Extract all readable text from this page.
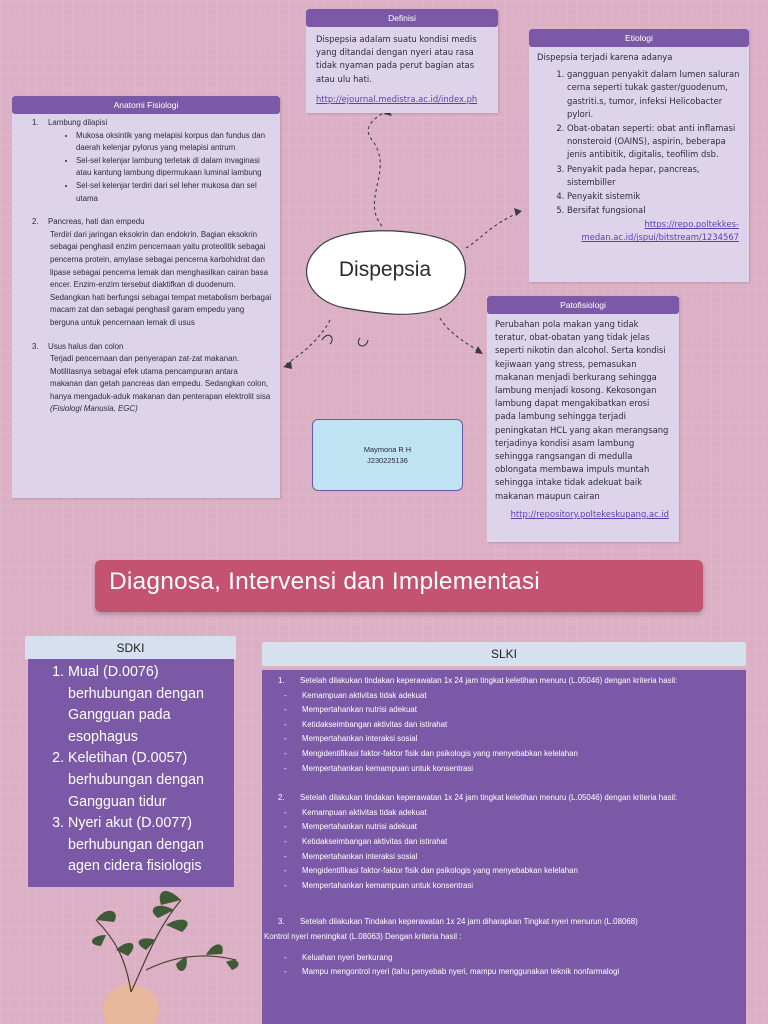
Dispepsia
Definisi
Dispepsia adalam suatu kondisi medis yang ditandai dengan nyeri atau rasa tidak nyaman pada perut bagian atas atau ulu hati.
http://ejournal.medistra.ac.id/index.ph
Etiologi
Dispepsia terjadi karena adanya
1. gangguan penyakit dalam lumen saluran cerna seperti tukak gaster/guodenum, gastriti.s, tumor, infeksi Helicobacter pylori.
2. Obat-obatan seperti: obat anti inflamasi nonsteroid (OAINS), aspirin, beberapa jenis antibitik, digitalis, teofilim dsb.
3. Penyakit pada hepar, pancreas, sistembiller
4. Penyakit sistemik
5. Bersifat fungsional
https://repo.poltekkes-
medan.ac.id/jspui/bitstream/1234567
Anatomi Fisiologi
1. Lambung dilapisi
• Mukosa oksintik yang melapisi korpus dan fundus dan daerah kelenjar pylorus yang melapisi antrum
• Sel-sel kelenjar lambung terletak di dalam invaginasi atau kantung lambung dipermukaan luminal lambung
• Sel-sel kelenjar terdiri dari sel leher mukosa dan sel utama
2. Pancreas, hati dan empedu
Terdiri dari jaringan eksokrin dan endokrin. Bagian eksokrin sebagai penghasil enzim pencernaan yaitu proteolitik sebagai pencerna protein, amylase sebagai pencerna karbohidrat dan lipase sebagai pencerna lemak dan menghasilkan cairan basa encer. Enzim-enzim tersebut diaktifkan di duodenum. Sedangkan hati berfungsi sebagai tempat metabolism berbagai macam zat dan sebagai penghasil garam empedu yang berguna untuk pencernaan lemak di usus
3. Usus halus dan colon
Terjadi pencernaan dan penyerapan zat-zat makanan. Motilitasnya sebagai efek utama pencampuran antara makanan dan getah pancreas dan empedu. Sedangkan colon, hanya mengaduk-aduk makanan dan penterapan elektrolit sisa
(Fisiologi Manusia, EGC)
Maymona R H
J230225136
Patofisiologi
Perubahan pola makan yang tidak teratur, obat-obatan yang tidak jelas seperti nikotin dan alcohol. Serta kondisi kejiwaan yang stress, pemasukan makanan menjadi berkurang sehingga lambung menjadi kosong. Kekosongan lambung dapat mengakibatkan erosi pada lambung sehingga terjadi peningkatan HCL yang akan merangsang terjadinya kondisi asam lambung sehingga rangsangan di medulla oblongata membawa impuls muntah sehingga intake tidak adekuat baik makanan maupun cairan
http://repository.poltekeskupang.ac.id
Diagnosa, Intervensi dan Implementasi
SDKI
1. Mual (D.0076) berhubungan dengan Gangguan pada esophagus
2. Keletihan (D.0057) berhubungan dengan Gangguan tidur
3. Nyeri akut (D.0077) berhubungan dengan agen cidera fisiologis
SLKI
1. Setelah dilakukan tindakan keperawatan 1x 24 jam tingkat keletihan menuru (L.05046) dengan kriteria hasil:
- Kemampuan aktivitas tidak adekuat
- Mempertahankan nutrisi adekuat
- Ketidakseimbangan aktivitas dan istirahat
- Mempertahankan interaksi sosial
- Mengidentifikasi faktor-faktor fisik dan psikologis yang menyebabkan kelelahan
- Mempertahankan kemampuan untuk konsentrasi
2. Setelah dilakukan tindakan keperawatan 1x 24 jam tingkat keletihan menuru (L.05046) dengan kriteria hasil:
- Kemampuan aktivitas tidak adekuat
- Mempertahankan nutrisi adekuat
- Ketidakseimbangan aktivitas dan istirahat
- Mempertahankan interaksi sosial
- Mengidentifikasi faktor-faktor fisik dan psikologis yang menyebabkan kelelahan
- Mempertahankan kemampuan untuk konsentrasi
3. Setelah dilakukan Tindakan keperawatan 1x 24 jam diharapkan Tingkat nyeri menurun (L.08068)
Kontrol nyeri meningkat (L.08063) Dengan kriteria hasil :
- Keluahan nyeri berkurang
- Mampu mengontrol nyeri (tahu penyebab nyeri, mampu menggunakan teknik nonfarmalogi
